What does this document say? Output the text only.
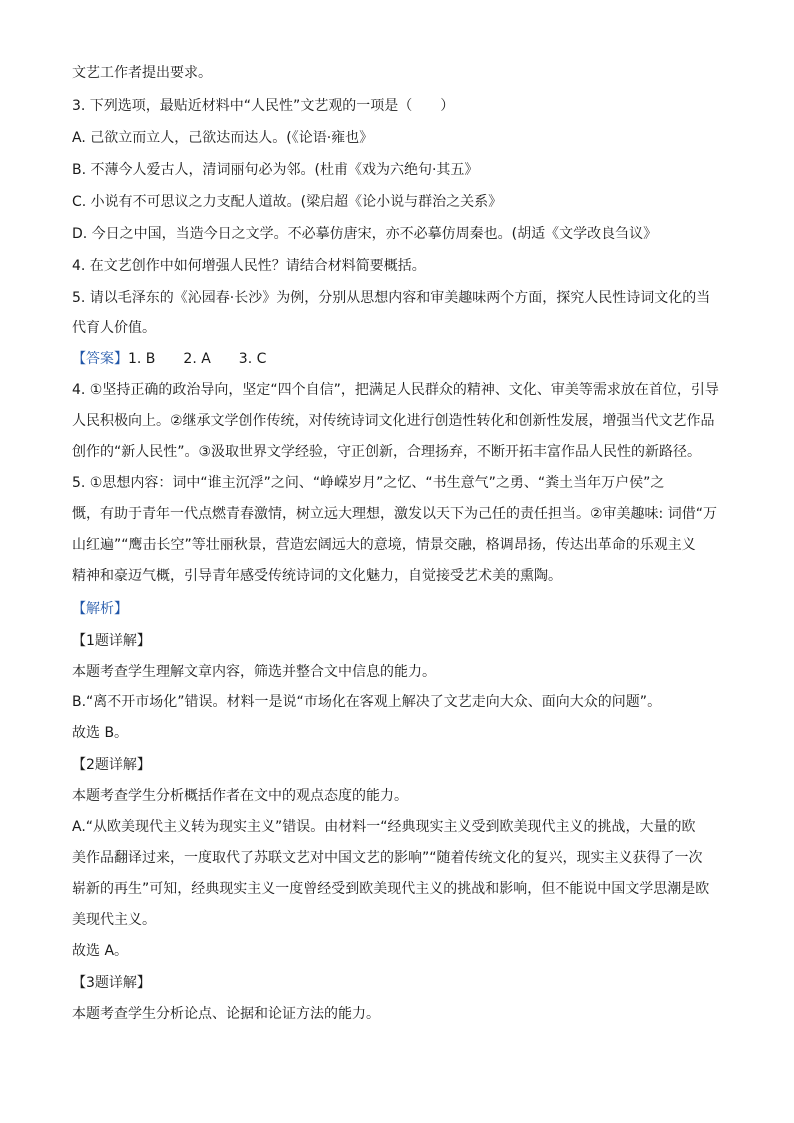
文艺工作者提出要求。
3. 下列选项，最贴近材料中“人民性”文艺观的一项是（　　）
A. 己欲立而立人，己欲达而达人。(《论语·雍也》
B. 不薄今人爱古人，清词丽句必为邻。(杜甫《戏为六绝句·其五》
C. 小说有不可思议之力支配人道故。(梁启超《论小说与群治之关系》
D. 今日之中国，当造今日之文学。不必摹仿唐宋，亦不必摹仿周秦也。(胡适《文学改良刍议》
4. 在文艺创作中如何增强人民性？请结合材料简要概括。
5. 请以毛泽东的《沁园春·长沙》为例，分别从思想内容和审美趣味两个方面，探究人民性诗词文化的当
代育人价值。
【答案】1. B　　2. A　　3. C
4. ①坚持正确的政治导向，坚定“四个自信”，把满足人民群众的精神、文化、审美等需求放在首位，引导
人民积极向上。②继承文学创作传统，对传统诗词文化进行创造性转化和创新性发展，增强当代文艺作品
创作的“新人民性”。③汲取世界文学经验，守正创新，合理扬弃，不断开拓丰富作品人民性的新路径。
5. ①思想内容：词中“谁主沉浮”之问、“峥嵘岁月”之忆、“书生意气”之勇、“粪土当年万户侯”之
慨，有助于青年一代点燃青春激情，树立远大理想，激发以天下为己任的责任担当。②审美趣味: 词借“万
山红遍”“鹰击长空”等壮丽秋景，营造宏阔远大的意境，情景交融，格调昂扬，传达出革命的乐观主义
精神和豪迈气概，引导青年感受传统诗词的文化魅力，自觉接受艺术美的熏陶。
【解析】
【1题详解】
本题考查学生理解文章内容，筛选并整合文中信息的能力。
B.“离不开市场化”错误。材料一是说“市场化在客观上解决了文艺走向大众、面向大众的问题”。
故选 B。
【2题详解】
本题考查学生分析概括作者在文中的观点态度的能力。
A.“从欧美现代主义转为现实主义”错误。由材料一“经典现实主义受到欧美现代主义的挑战，大量的欧
美作品翻译过来，一度取代了苏联文艺对中国文艺的影响”“随着传统文化的复兴，现实主义获得了一次
崭新的再生”可知，经典现实主义一度曾经受到欧美现代主义的挑战和影响，但不能说中国文学思潮是欧
美现代主义。
故选 A。
【3题详解】
本题考查学生分析论点、论据和论证方法的能力。
